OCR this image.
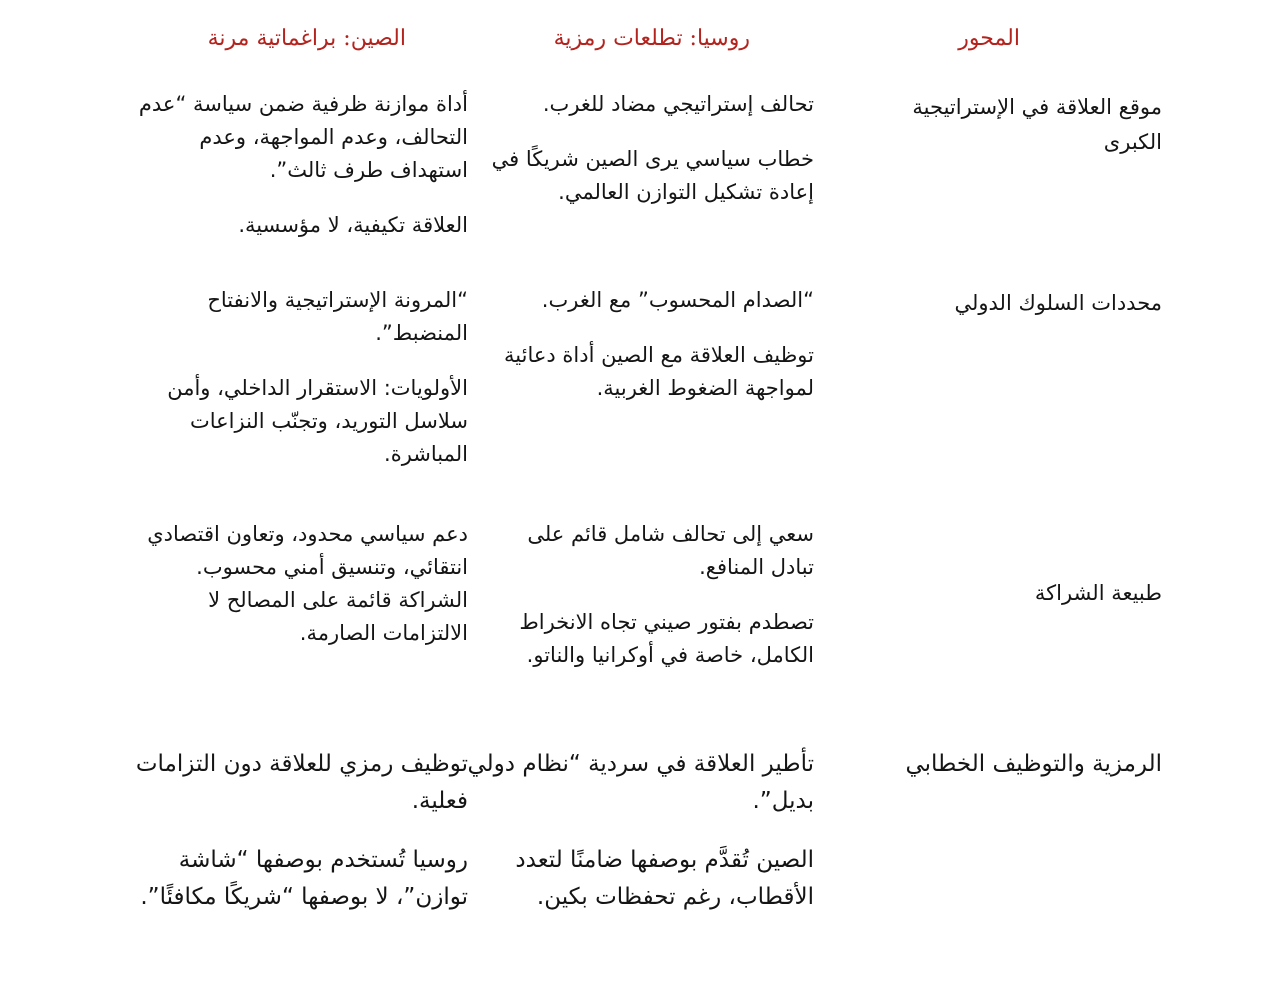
المحور
روسيا: تطلعات رمزية
الصين: براغماتية مرنة
موقع العلاقة في الإستراتيجية الكبرى

تحالف إستراتيجي مضاد للغرب.

خطاب سياسي يرى الصين شريكًا في إعادة تشكيل التوازن العالمي.

أداة موازنة ظرفية ضمن سياسة “عدم التحالف، وعدم المواجهة، وعدم استهداف طرف ثالث”.

العلاقة تكيفية، لا مؤسسية.

محددات السلوك الدولي

“الصدام المحسوب” مع الغرب.

توظيف العلاقة مع الصين أداة دعائية لمواجهة الضغوط الغربية.

“المرونة الإستراتيجية والانفتاح المنضبط”.

الأولويات: الاستقرار الداخلي، وأمن سلاسل التوريد، وتجنّب النزاعات المباشرة.

طبيعة الشراكة

سعي إلى تحالف شامل قائم على تبادل المنافع.

تصطدم بفتور صيني تجاه الانخراط الكامل، خاصة في أوكرانيا والناتو.

دعم سياسي محدود، وتعاون اقتصادي انتقائي، وتنسيق أمني محسوب. الشراكة قائمة على المصالح لا الالتزامات الصارمة.

الرمزية والتوظيف الخطابي

تأطير العلاقة في سردية “نظام دولي بديل”.

الصين تُقدَّم بوصفها ضامنًا لتعدد الأقطاب، رغم تحفظات بكين.

توظيف رمزي للعلاقة دون التزامات فعلية.

روسيا تُستخدم بوصفها “شاشة توازن”، لا بوصفها “شريكًا مكافئًا”.
